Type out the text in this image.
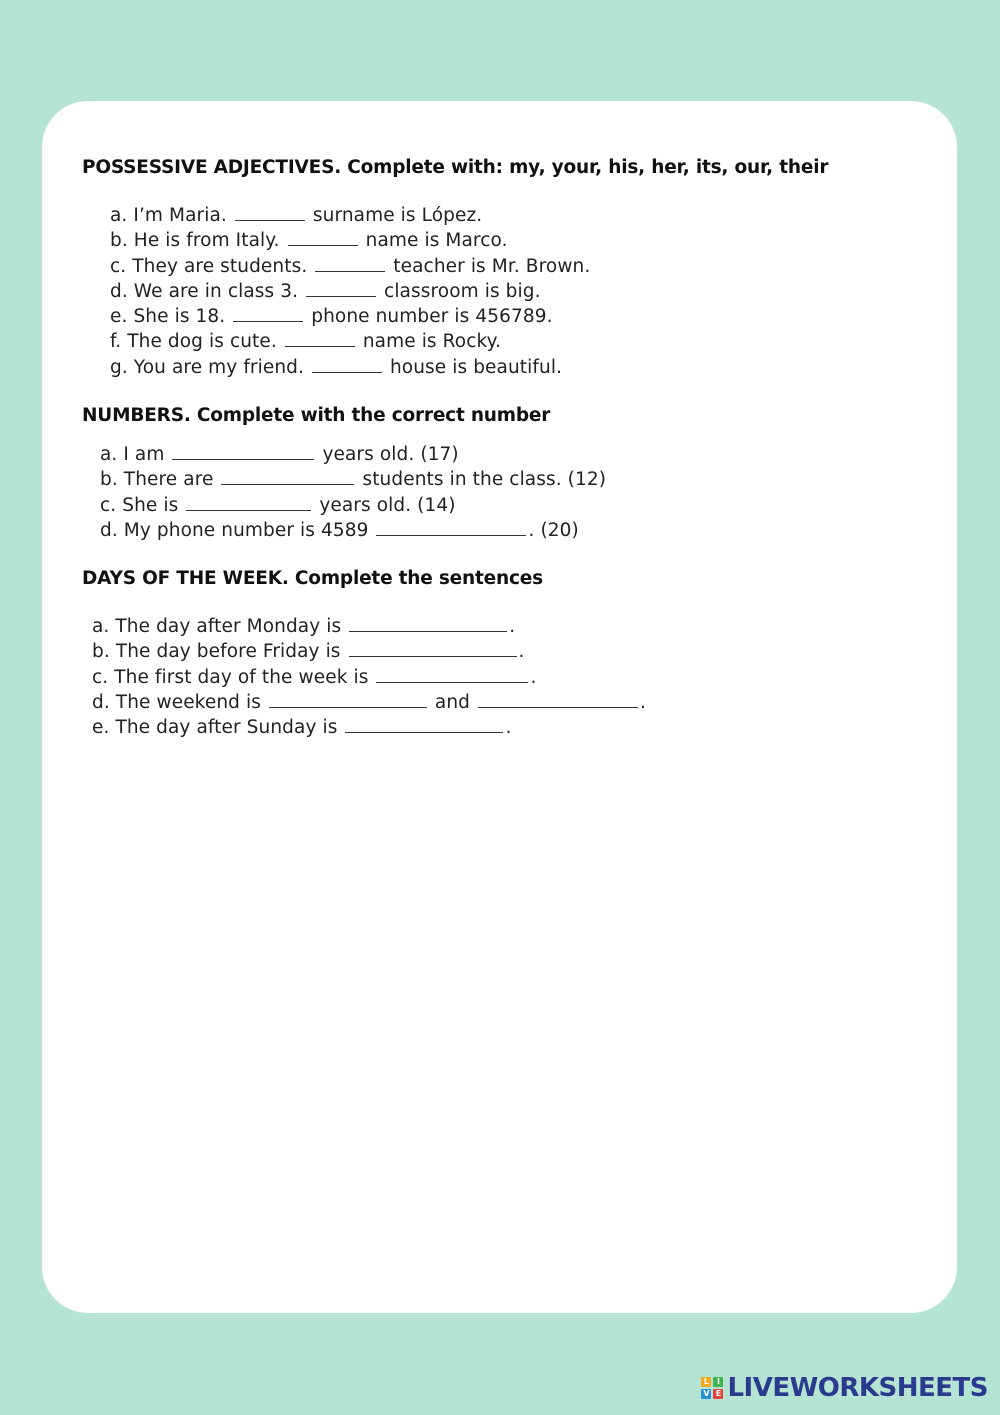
POSSESSIVE ADJECTIVES. Complete with: my, your, his, her, its, our, their
a. I’m Maria.	surname is López.
b. He is from Italy.	name is Marco.
c. They are students.	teacher is Mr. Brown.
d. We are in class 3.	classroom is big.
e. She is 18.	phone number is 456789.
f. The dog is cute.	name is Rocky.
g. You are my friend.	house is beautiful.
NUMBERS. Complete with the correct number
a. I am	years old. (17)
b. There are	students in the class. (12)
c. She is	years old. (14)
d. My phone number is 4589	. (20)
DAYS OF THE WEEK. Complete the sentences
a. The day after Monday is	.
b. The day before Friday is	.
c. The first day of the week is	.
d. The weekend is	and	.
e. The day after Sunday is	.
L I
V E LIVEWORKSHEETS
